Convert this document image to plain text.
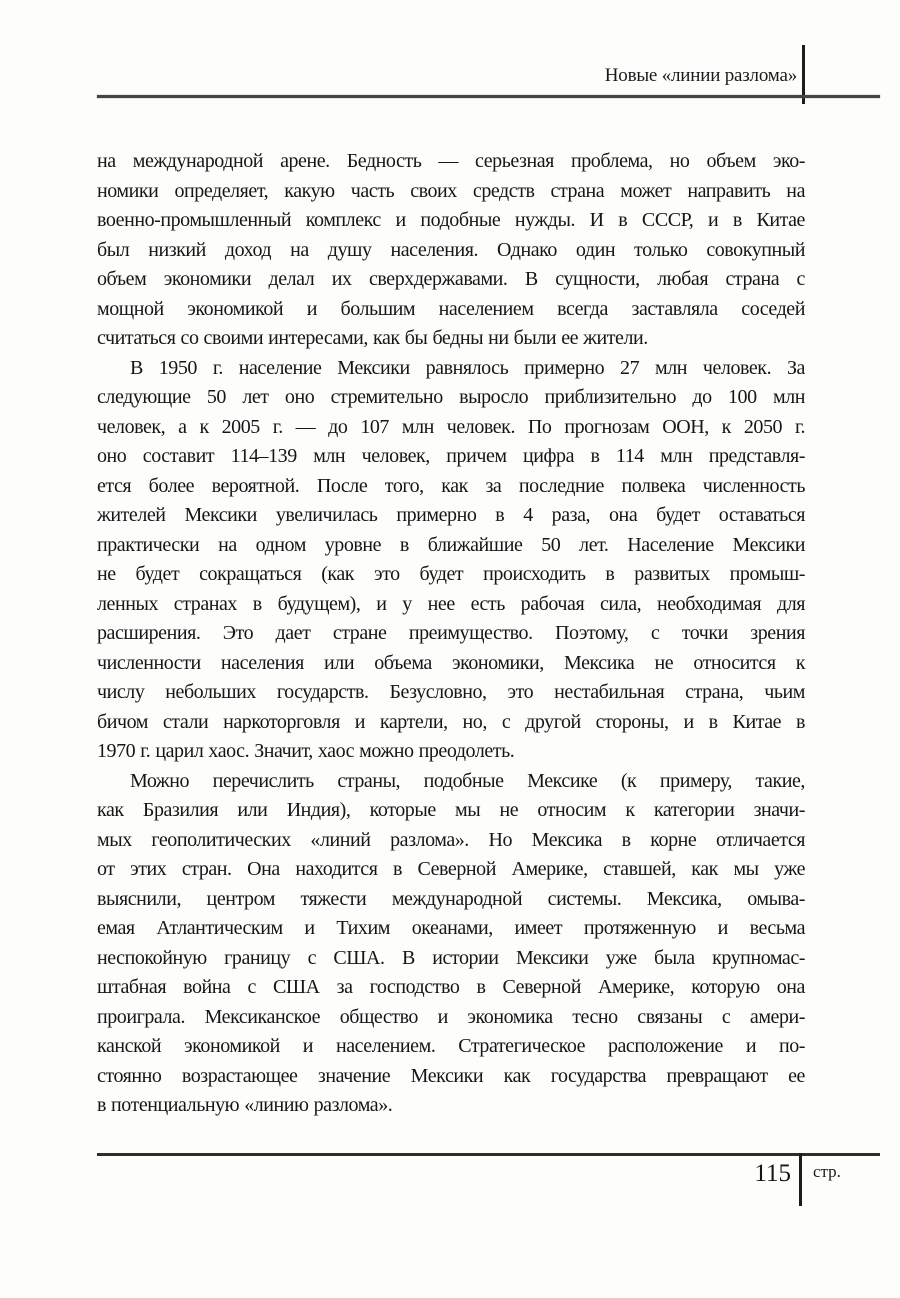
Новые «линии разлома»
на международной арене. Бедность — серьезная проблема, но объем эко-
номики определяет, какую часть своих средств страна может направить на
военно-промышленный комплекс и подобные нужды. И в СССР, и в Китае
был низкий доход на душу населения. Однако один только совокупный
объем экономики делал их сверхдержавами. В сущности, любая страна с
мощной экономикой и большим населением всегда заставляла соседей
считаться со своими интересами, как бы бедны ни были ее жители.
В 1950 г. население Мексики равнялось примерно 27 млн человек. За
следующие 50 лет оно стремительно выросло приблизительно до 100 млн
человек, а к 2005 г. — до 107 млн человек. По прогнозам ООН, к 2050 г.
оно составит 114–139 млн человек, причем цифра в 114 млн представля-
ется более вероятной. После того, как за последние полвека численность
жителей Мексики увеличилась примерно в 4 раза, она будет оставаться
практически на одном уровне в ближайшие 50 лет. Население Мексики
не будет сокращаться (как это будет происходить в развитых промыш-
ленных странах в будущем), и у нее есть рабочая сила, необходимая для
расширения. Это дает стране преимущество. Поэтому, с точки зрения
численности населения или объема экономики, Мексика не относится к
числу небольших государств. Безусловно, это нестабильная страна, чьим
бичом стали наркоторговля и картели, но, с другой стороны, и в Китае в
1970 г. царил хаос. Значит, хаос можно преодолеть.
Можно перечислить страны, подобные Мексике (к примеру, такие,
как Бразилия или Индия), которые мы не относим к категории значи-
мых геополитических «линий разлома». Но Мексика в корне отличается
от этих стран. Она находится в Северной Америке, ставшей, как мы уже
выяснили, центром тяжести международной системы. Мексика, омыва-
емая Атлантическим и Тихим океанами, имеет протяженную и весьма
неспокойную границу с США. В истории Мексики уже была крупномас-
штабная война с США за господство в Северной Америке, которую она
проиграла. Мексиканское общество и экономика тесно связаны с амери-
канской экономикой и населением. Стратегическое расположение и по-
стоянно возрастающее значение Мексики как государства превращают ее
в потенциальную «линию разлома».
115 стр.
